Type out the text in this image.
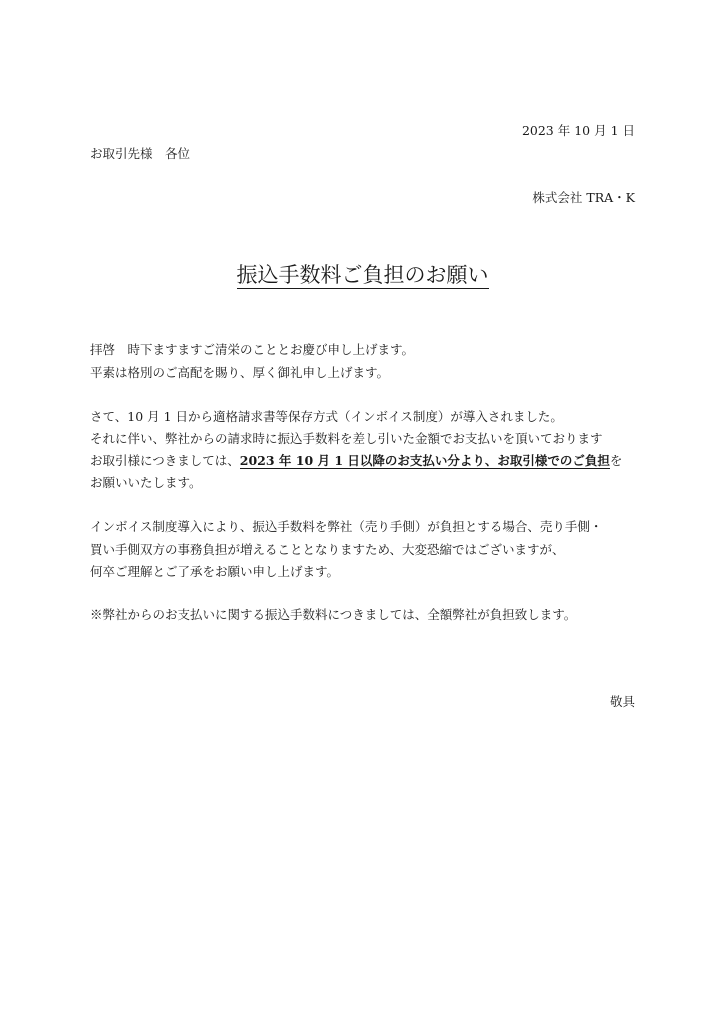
2023 年 10 月 1 日
お取引先様　各位
株式会社 TRA・K
振込手数料ご負担のお願い
拝啓　時下ますますご清栄のこととお慶び申し上げます。
平素は格別のご高配を賜り、厚く御礼申し上げます。
さて、10 月 1 日から適格請求書等保存方式（インボイス制度）が導入されました。
それに伴い、弊社からの請求時に振込手数料を差し引いた金額でお支払いを頂いております
お取引様につきましては、2023 年 10 月 1 日以降のお支払い分より、お取引様でのご負担を
お願いいたします。
インボイス制度導入により、振込手数料を弊社（売り手側）が負担とする場合、売り手側・
買い手側双方の事務負担が増えることとなりますため、大変恐縮ではございますが、
何卒ご理解とご了承をお願い申し上げます。
※弊社からのお支払いに関する振込手数料につきましては、全額弊社が負担致します。
敬具
